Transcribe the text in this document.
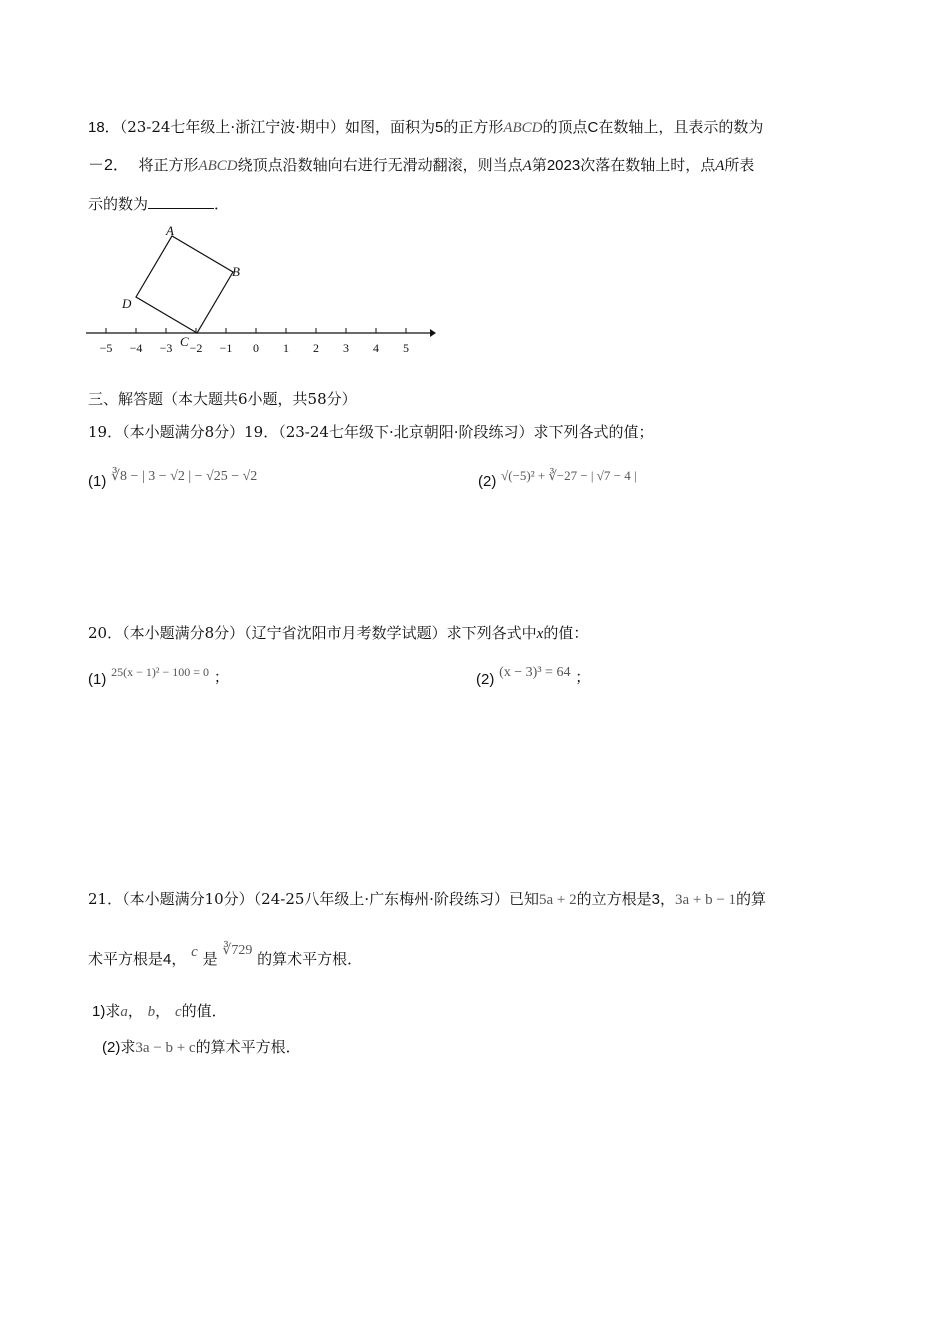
18．（23-24七年级上·浙江宁波·期中）如图，面积为5的正方形ABCD的顶点C在数轴上，且表示的数为
－2． 将正方形ABCD绕顶点沿数轴向右进行无滑动翻滚，则当点A第2023次落在数轴上时，点A所表
示的数为	．
−5 −4 −3 −2 −1 0 1 2 3 4 5
A
B
D
C
三、解答题（本大题共6小题，共58分）
19．（本小题满分8分）19．（23-24七年级下·北京朝阳·阶段练习）求下列各式的值；
(1) ∛8 − | 3 − √2 | − √25 − √2	(2) √(−5)² + ∛−27 − | √7 − 4 |
20．（本小题满分8分）（辽宁省沈阳市月考数学试题）求下列各式中x的值：
(1) 25(x − 1)² − 100 = 0 ；	(2) (x − 3)³ = 64 ；
21．（本小题满分10分）（24-25八年级上·广东梅州·阶段练习）已知5a + 2的立方根是3，3a + b − 1的算
术平方根是4， c 是 ∛729 的算术平方根．
1)求a， b， c的值．
(2)求3a − b + c的算术平方根．
